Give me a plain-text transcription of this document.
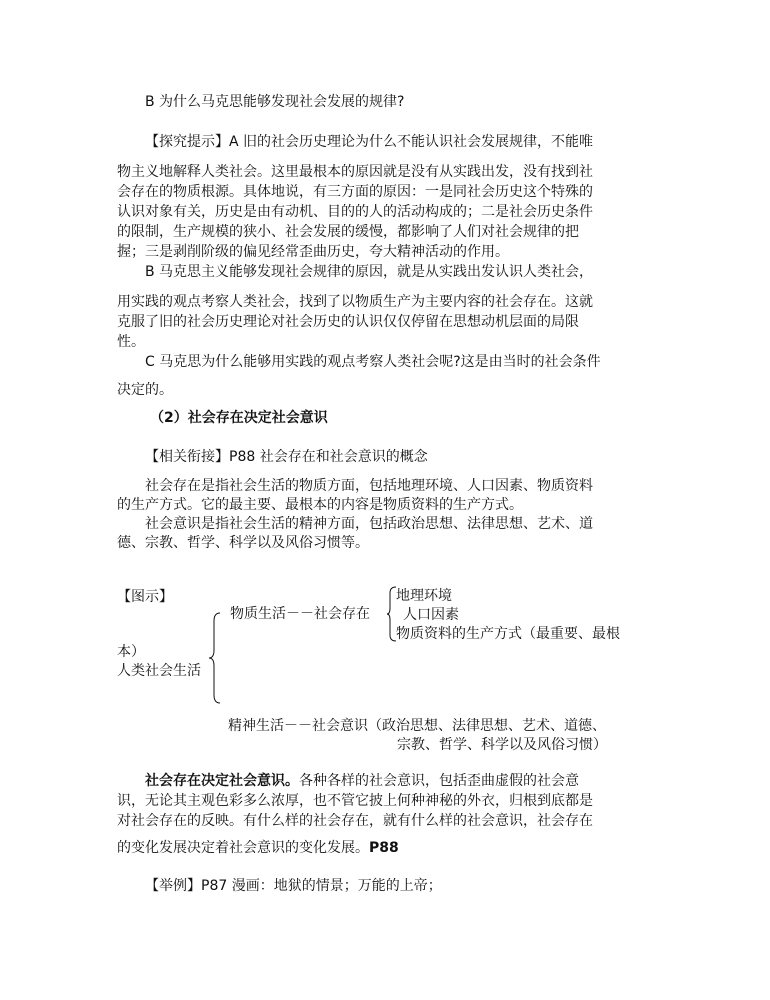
B 为什么马克思能够发现社会发展的规律?
【探究提示】A 旧的社会历史理论为什么不能认识社会发展规律，不能唯
物主义地解释人类社会。这里最根本的原因就是没有从实践出发，没有找到社
会存在的物质根源。具体地说，有三方面的原因：一是同社会历史这个特殊的
认识对象有关，历史是由有动机、目的的人的活动构成的；二是社会历史条件
的限制，生产规模的狭小、社会发展的缓慢，都影响了人们对社会规律的把
握；三是剥削阶级的偏见经常歪曲历史，夸大精神活动的作用。
B 马克思主义能够发现社会规律的原因，就是从实践出发认识人类社会，
用实践的观点考察人类社会，找到了以物质生产为主要内容的社会存在。这就
克服了旧的社会历史理论对社会历史的认识仅仅停留在思想动机层面的局限
性。
C 马克思为什么能够用实践的观点考察人类社会呢?这是由当时的社会条件
决定的。
（2）社会存在决定社会意识
【相关衔接】P88 社会存在和社会意识的概念
社会存在是指社会生活的物质方面，包括地理环境、人口因素、物质资料
的生产方式。它的最主要、最根本的内容是物质资料的生产方式。
社会意识是指社会生活的精神方面，包括政治思想、法律思想、艺术、道
德、宗教、哲学、科学以及风俗习惯等。
【图示】
物质生活－－社会存在
地理环境
人口因素
物质资料的生产方式（最重要、最根
本）
人类社会生活
精神生活－－社会意识（政治思想、法律思想、艺术、道德、
宗教、哲学、科学以及风俗习惯）
社会存在决定社会意识。各种各样的社会意识，包括歪曲虚假的社会意
识，无论其主观色彩多么浓厚，也不管它披上何种神秘的外衣，归根到底都是
对社会存在的反映。有什么样的社会存在，就有什么样的社会意识，社会存在
的变化发展决定着社会意识的变化发展。P88
【举例】P87 漫画：地狱的情景；万能的上帝；
